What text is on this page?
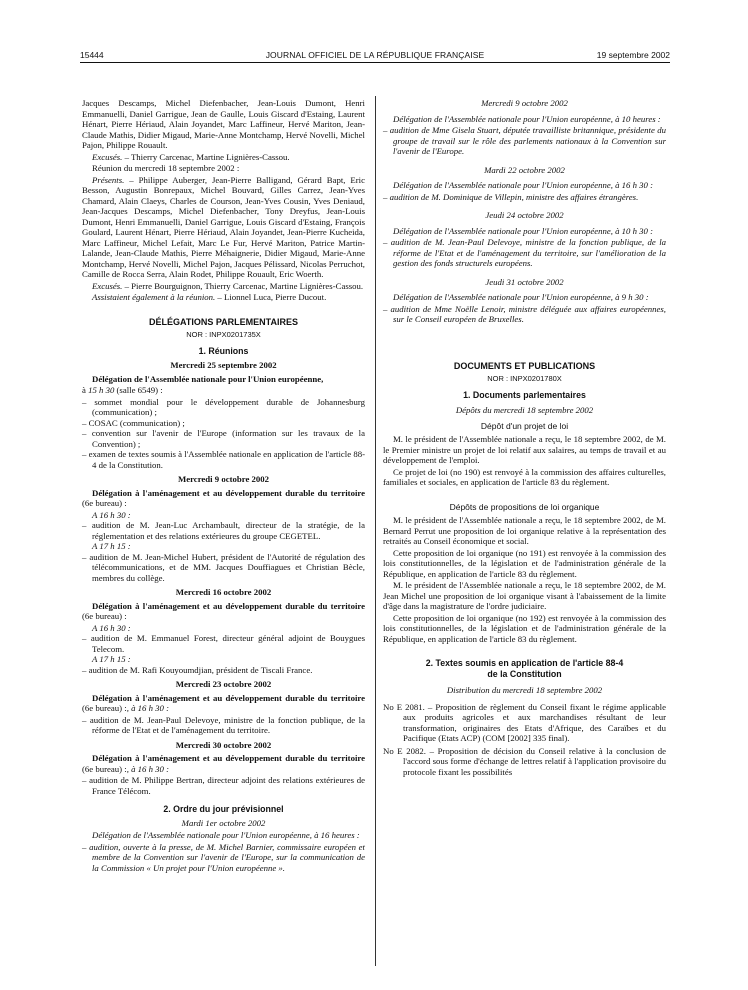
15444	JOURNAL OFFICIEL DE LA RÉPUBLIQUE FRANÇAISE	19 septembre 2002

Jacques Descamps, Michel Diefenbacher, Jean-Louis Dumont, Henri Emmanuelli, Daniel Garrigue, Jean de Gaulle, Louis Giscard d'Estaing, Laurent Hénart, Pierre Hériaud, Alain Joyandet, Marc Laffineur, Hervé Mariton, Jean-Claude Mathis, Didier Migaud, Marie-Anne Montchamp, Hervé Novelli, Michel Pajon, Philippe Rouault.

Excusés. – Thierry Carcenac, Martine Lignières-Cassou.

Réunion du mercredi 18 septembre 2002 :

Présents. – Philippe Auberger, Jean-Pierre Balligand, Gérard Bapt, Eric Besson, Augustin Bonrepaux, Michel Bouvard, Gilles Carrez, Jean-Yves Chamard, Alain Claeys, Charles de Courson, Jean-Yves Cousin, Yves Deniaud, Jean-Jacques Descamps, Michel Diefenbacher, Tony Dreyfus, Jean-Louis Dumont, Henri Emmanuelli, Daniel Garrigue, Louis Giscard d'Estaing, François Goulard, Laurent Hénart, Pierre Hériaud, Alain Joyandet, Jean-Pierre Kucheida, Marc Laffineur, Michel Lefait, Marc Le Fur, Hervé Mariton, Patrice Martin-Lalande, Jean-Claude Mathis, Pierre Méhaignerie, Didier Migaud, Marie-Anne Montchamp, Hervé Novelli, Michel Pajon, Jacques Pélissard, Nicolas Perruchot, Camille de Rocca Serra, Alain Rodet, Philippe Rouault, Eric Woerth.

Excusés. – Pierre Bourguignon, Thierry Carcenac, Martine Lignières-Cassou.

Assistaient également à la réunion. – Lionnel Luca, Pierre Ducout.

DÉLÉGATIONS PARLEMENTAIRES
NOR : INPX0201735X
1. Réunions
Mercredi 25 septembre 2002

Délégation de l'Assemblée nationale pour l'Union européenne,

à 15 h 30 (salle 6549) :

– sommet mondial pour le développement durable de Johannesburg (communication) ;

– COSAC (communication) ;

– convention sur l'avenir de l'Europe (information sur les travaux de la Convention) ;

– examen de textes soumis à l'Assemblée nationale en application de l'article 88-4 de la Constitution.

Mercredi 9 octobre 2002

Délégation à l'aménagement et au développement durable du territoire (6e bureau) :

A 16 h 30 :

– audition de M. Jean-Luc Archambault, directeur de la stratégie, de la réglementation et des relations extérieures du groupe CEGETEL.

A 17 h 15 :

– audition de M. Jean-Michel Hubert, président de l'Autorité de régulation des télécommunications, et de MM. Jacques Douffiagues et Christian Bècle, membres du collège.

Mercredi 16 octobre 2002

Délégation à l'aménagement et au développement durable du territoire (6e bureau) :

A 16 h 30 :

– audition de M. Emmanuel Forest, directeur général adjoint de Bouygues Telecom.

A 17 h 15 :

– audition de M. Rafi Kouyoumdjian, président de Tiscali France.

Mercredi 23 octobre 2002

Délégation à l'aménagement et au développement durable du territoire (6e bureau) :, à 16 h 30 :

– audition de M. Jean-Paul Delevoye, ministre de la fonction publique, de la réforme de l'Etat et de l'aménagement du territoire.

Mercredi 30 octobre 2002

Délégation à l'aménagement et au développement durable du territoire (6e bureau) :, à 16 h 30 :

– audition de M. Philippe Bertran, directeur adjoint des relations extérieures de France Télécom.

2. Ordre du jour prévisionnel
Mardi 1er octobre 2002

Délégation de l'Assemblée nationale pour l'Union européenne, à 16 heures :

– audition, ouverte à la presse, de M. Michel Barnier, commissaire européen et membre de la Convention sur l'avenir de l'Europe, sur la communication de la Commission « Un projet pour l'Union européenne ».

Mercredi 9 octobre 2002

Délégation de l'Assemblée nationale pour l'Union européenne, à 10 heures :

– audition de Mme Gisela Stuart, députée travailliste britannique, présidente du groupe de travail sur le rôle des parlements nationaux à la Convention sur l'avenir de l'Europe.

Mardi 22 octobre 2002

Délégation de l'Assemblée nationale pour l'Union européenne, à 16 h 30 :

– audition de M. Dominique de Villepin, ministre des affaires étrangères.

Jeudi 24 octobre 2002

Délégation de l'Assemblée nationale pour l'Union européenne, à 10 h 30 :

– audition de M. Jean-Paul Delevoye, ministre de la fonction publique, de la réforme de l'Etat et de l'aménagement du territoire, sur l'amélioration de la gestion des fonds structurels européens.

Jeudi 31 octobre 2002

Délégation de l'Assemblée nationale pour l'Union européenne, à 9 h 30 :

– audition de Mme Noëlle Lenoir, ministre déléguée aux affaires européennes, sur le Conseil européen de Bruxelles.

DOCUMENTS ET PUBLICATIONS
NOR : INPX0201780X
1. Documents parlementaires
Dépôts du mercredi 18 septembre 2002
Dépôt d'un projet de loi

M. le président de l'Assemblée nationale a reçu, le 18 septembre 2002, de M. le Premier ministre un projet de loi relatif aux salaires, au temps de travail et au développement de l'emploi.

Ce projet de loi (no 190) est renvoyé à la commission des affaires culturelles, familiales et sociales, en application de l'article 83 du règlement.

Dépôts de propositions de loi organique

M. le président de l'Assemblée nationale a reçu, le 18 septembre 2002, de M. Bernard Perrut une proposition de loi organique relative à la représentation des retraités au Conseil économique et social.

Cette proposition de loi organique (no 191) est renvoyée à la commission des lois constitutionnelles, de la législation et de l'administration générale de la République, en application de l'article 83 du règlement.

M. le président de l'Assemblée nationale a reçu, le 18 septembre 2002, de M. Jean Michel une proposition de loi organique visant à l'abaissement de la limite d'âge dans la magistrature de l'ordre judiciaire.

Cette proposition de loi organique (no 192) est renvoyée à la commission des lois constitutionnelles, de la législation et de l'administration générale de la République, en application de l'article 83 du règlement.

2. Textes soumis en application de l'article 88-4
de la Constitution
Distribution du mercredi 18 septembre 2002

No E 2081. – Proposition de règlement du Conseil fixant le régime applicable aux produits agricoles et aux marchandises résultant de leur transformation, originaires des Etats d'Afrique, des Caraïbes et du Pacifique (Etats ACP) (COM [2002] 335 final).

No E 2082. – Proposition de décision du Conseil relative à la conclusion de l'accord sous forme d'échange de lettres relatif à l'application provisoire du protocole fixant les possibilités
